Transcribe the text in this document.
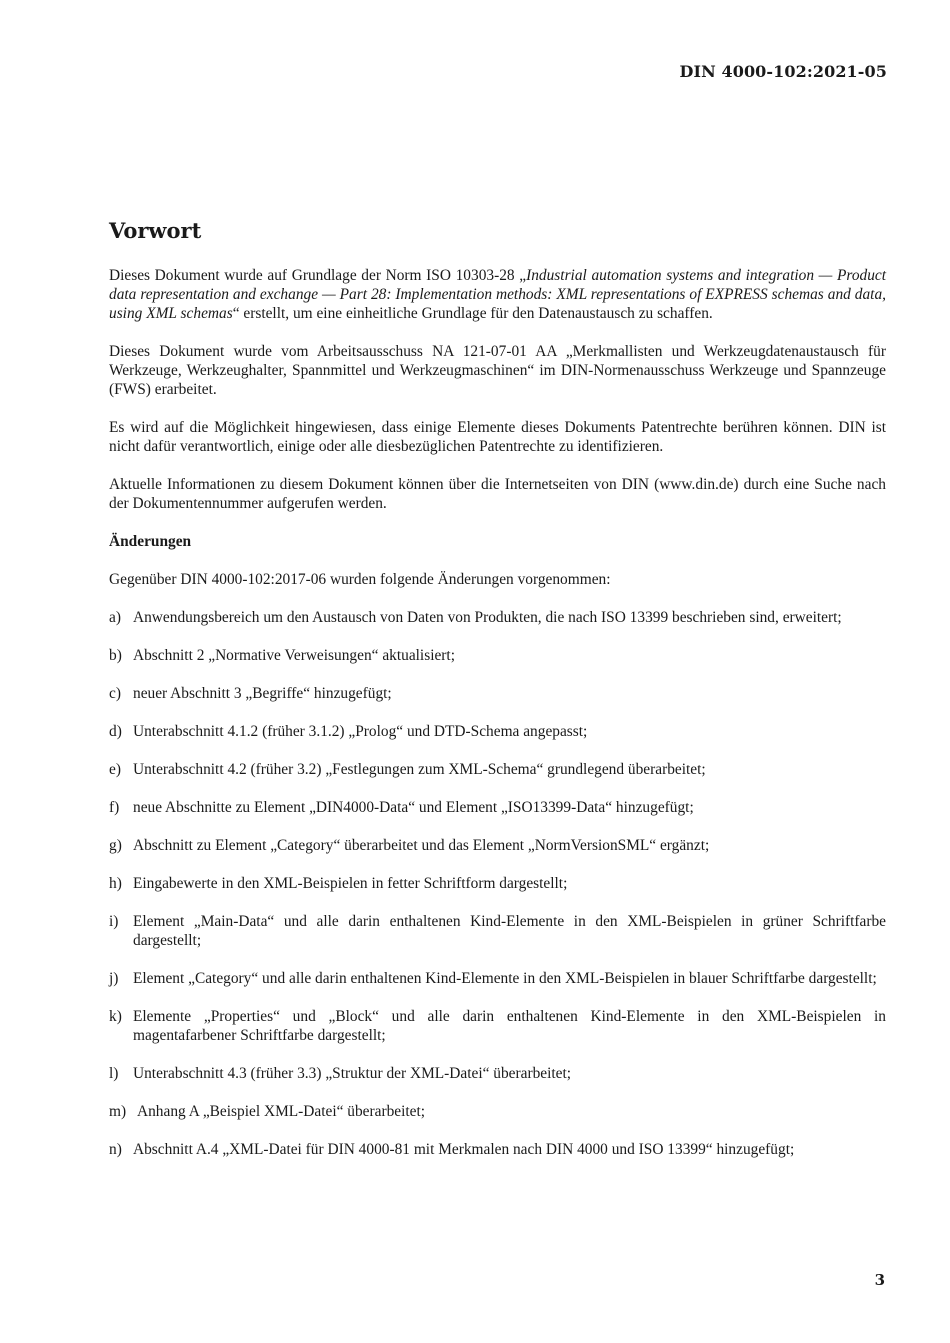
DIN 4000-102:2021-05
Vorwort

Dieses Dokument wurde auf Grundlage der Norm ISO 10303-28 „Industrial automation systems and integration — Product data representation and exchange — Part 28: Implementation methods: XML representations of EXPRESS schemas and data, using XML schemas“ erstellt, um eine einheitliche Grundlage für den Datenaustausch zu schaffen.

Dieses Dokument wurde vom Arbeitsausschuss NA 121-07-01 AA „Merkmallisten und Werkzeugdatenaustausch für Werkzeuge, Werkzeughalter, Spannmittel und Werkzeugmaschinen“ im DIN-Normenausschuss Werkzeuge und Spannzeuge (FWS) erarbeitet.

Es wird auf die Möglichkeit hingewiesen, dass einige Elemente dieses Dokuments Patentrechte berühren können. DIN ist nicht dafür verantwortlich, einige oder alle diesbezüglichen Patentrechte zu identifizieren.

Aktuelle Informationen zu diesem Dokument können über die Internetseiten von DIN (www.din.de) durch eine Suche nach der Dokumentennummer aufgerufen werden.

Änderungen

Gegenüber DIN 4000-102:2017-06 wurden folgende Änderungen vorgenommen:

a) Anwendungsbereich um den Austausch von Daten von Produkten, die nach ISO 13399 beschrieben sind, erweitert;
b) Abschnitt 2 „Normative Verweisungen“ aktualisiert;
c) neuer Abschnitt 3 „Begriffe“ hinzugefügt;
d) Unterabschnitt 4.1.2 (früher 3.1.2) „Prolog“ und DTD-Schema angepasst;
e) Unterabschnitt 4.2 (früher 3.2) „Festlegungen zum XML-Schema“ grundlegend überarbeitet;
f) neue Abschnitte zu Element „DIN4000-Data“ und Element „ISO13399-Data“ hinzugefügt;
g) Abschnitt zu Element „Category“ überarbeitet und das Element „NormVersionSML“ ergänzt;
h) Eingabewerte in den XML-Beispielen in fetter Schriftform dargestellt;
i) Element „Main-Data“ und alle darin enthaltenen Kind-Elemente in den XML-Beispielen in grüner Schriftfarbe dargestellt;
j) Element „Category“ und alle darin enthaltenen Kind-Elemente in den XML-Beispielen in blauer Schriftfarbe dargestellt;
k) Elemente „Properties“ und „Block“ und alle darin enthaltenen Kind-Elemente in den XML-Beispielen in magentafarbener Schriftfarbe dargestellt;
l) Unterabschnitt 4.3 (früher 3.3) „Struktur der XML-Datei“ überarbeitet;
m) Anhang A „Beispiel XML-Datei“ überarbeitet;
n) Abschnitt A.4 „XML-Datei für DIN 4000-81 mit Merkmalen nach DIN 4000 und ISO 13399“ hinzugefügt;
3
